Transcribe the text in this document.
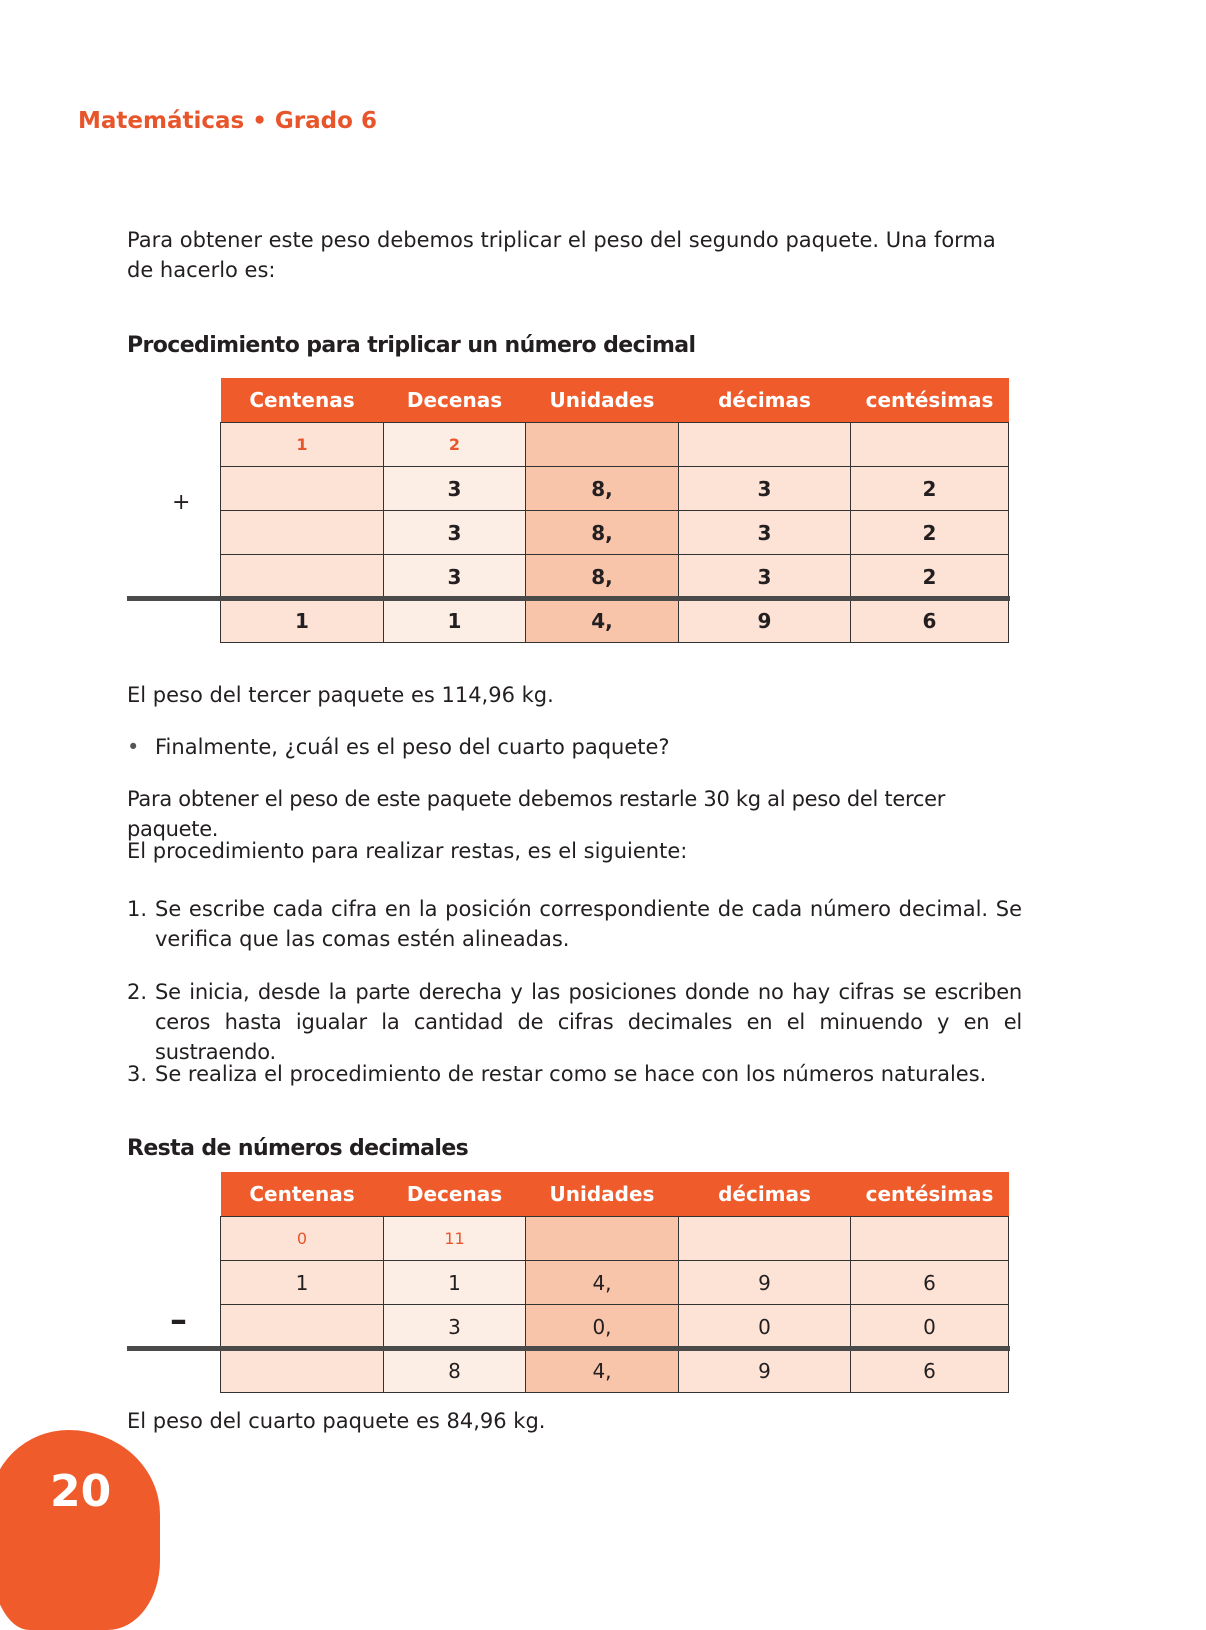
Matemáticas • Grado 6
Para obtener este peso debemos triplicar el peso del segundo paquete. Una forma de hacerlo es:
Procedimiento para triplicar un número decimal
Centenas	Decenas	Unidades	décimas	centésimas
1	2			
	3	8,	3	2
	3	8,	3	2
	3	8,	3	2
1	1	4,	9	6
+
El peso del tercer paquete es 114,96 kg.
• Finalmente, ¿cuál es el peso del cuarto paquete?
Para obtener el peso de este paquete debemos restarle 30 kg al peso del tercer paquete.
El procedimiento para realizar restas, es el siguiente:
1. Se escribe cada cifra en la posición correspondiente de cada número decimal. Se verifica que las comas estén alineadas.
2. Se inicia, desde la parte derecha y las posiciones donde no hay cifras se escriben ceros hasta igualar la cantidad de cifras decimales en el minuendo y en el sustraendo.
3. Se realiza el procedimiento de restar como se hace con los números naturales.
Resta de números decimales
Centenas	Decenas	Unidades	décimas	centésimas
0	11			
1	1	4,	9	6
	3	0,	0	0
	8	4,	9	6
–
El peso del cuarto paquete es 84,96 kg.
20
